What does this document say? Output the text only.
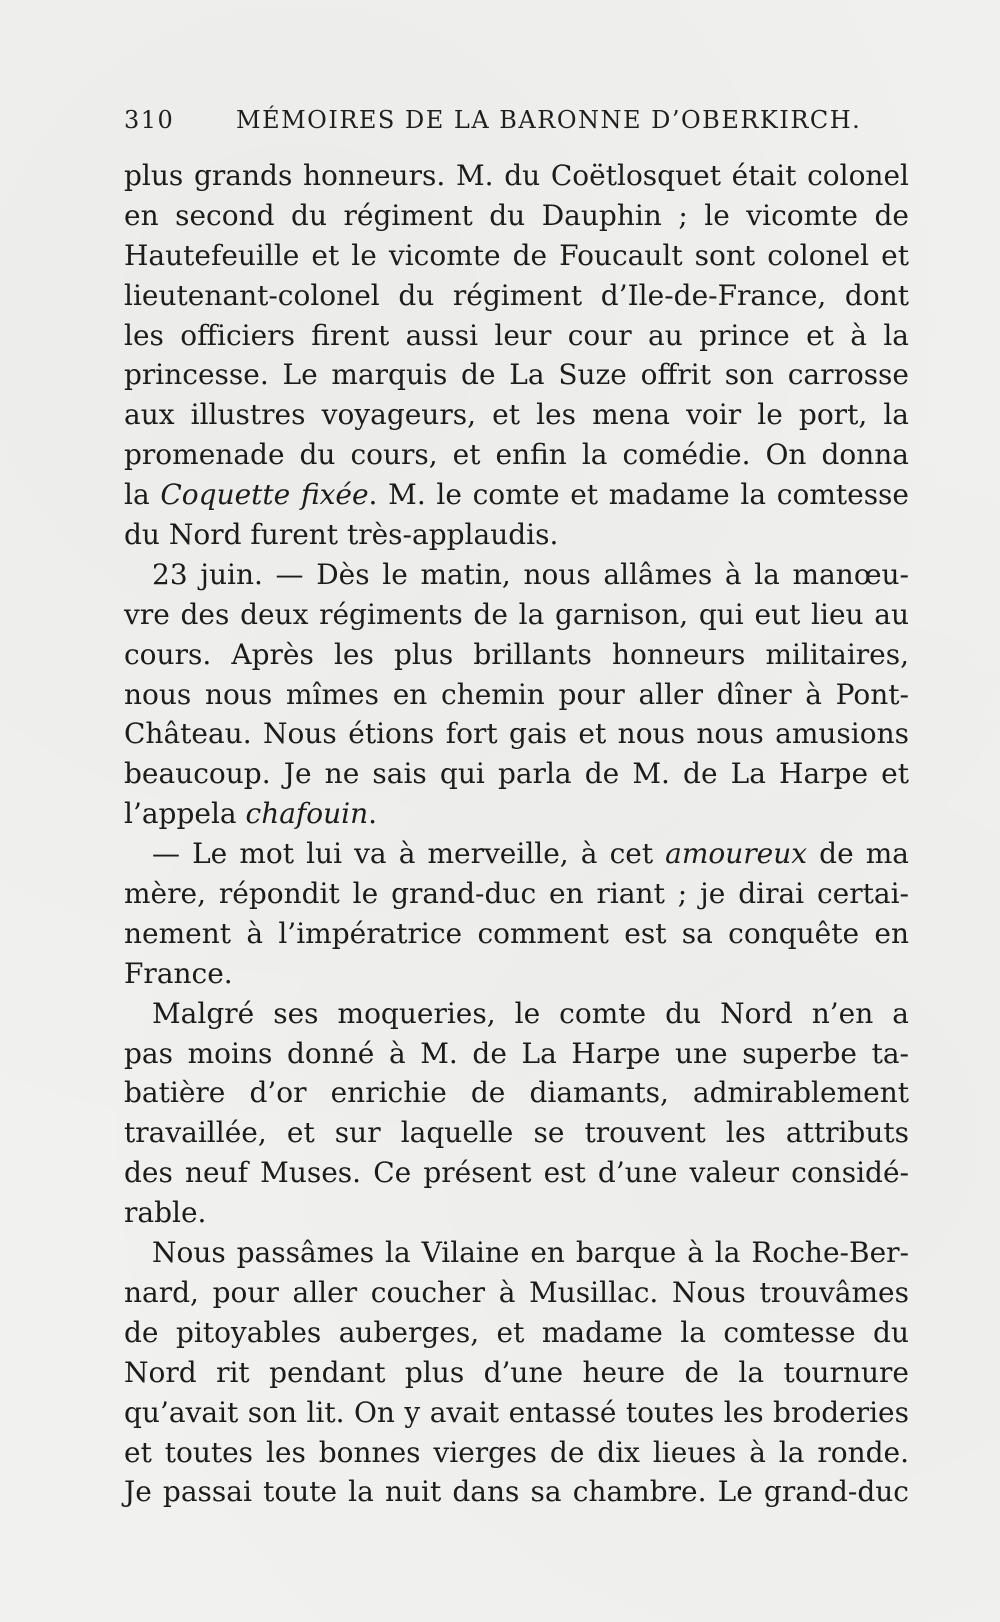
310	MÉMOIRES DE LA BARONNE D’OBERKIRCH.
plus grands honneurs. M. du Coëtlosquet était colonel
en second du régiment du Dauphin ; le vicomte de
Hautefeuille et le vicomte de Foucault sont colonel et
lieutenant-colonel du régiment d’Ile-de-France, dont
les officiers firent aussi leur cour au prince et à la
princesse. Le marquis de La Suze offrit son carrosse
aux illustres voyageurs, et les mena voir le port, la
promenade du cours, et enfin la comédie. On donna
la Coquette fixée. M. le comte et madame la comtesse
du Nord furent très-applaudis.
23 juin. — Dès le matin, nous allâmes à la manœu-
vre des deux régiments de la garnison, qui eut lieu au
cours. Après les plus brillants honneurs militaires,
nous nous mîmes en chemin pour aller dîner à Pont-
Château. Nous étions fort gais et nous nous amusions
beaucoup. Je ne sais qui parla de M. de La Harpe et
l’appela chafouin.
— Le mot lui va à merveille, à cet amoureux de ma
mère, répondit le grand-duc en riant ; je dirai certai-
nement à l’impératrice comment est sa conquête en
France.
Malgré ses moqueries, le comte du Nord n’en a
pas moins donné à M. de La Harpe une superbe ta-
batière d’or enrichie de diamants, admirablement
travaillée, et sur laquelle se trouvent les attributs
des neuf Muses. Ce présent est d’une valeur considé-
rable.
Nous passâmes la Vilaine en barque à la Roche-Ber-
nard, pour aller coucher à Musillac. Nous trouvâmes
de pitoyables auberges, et madame la comtesse du
Nord rit pendant plus d’une heure de la tournure
qu’avait son lit. On y avait entassé toutes les broderies
et toutes les bonnes vierges de dix lieues à la ronde.
Je passai toute la nuit dans sa chambre. Le grand-duc
